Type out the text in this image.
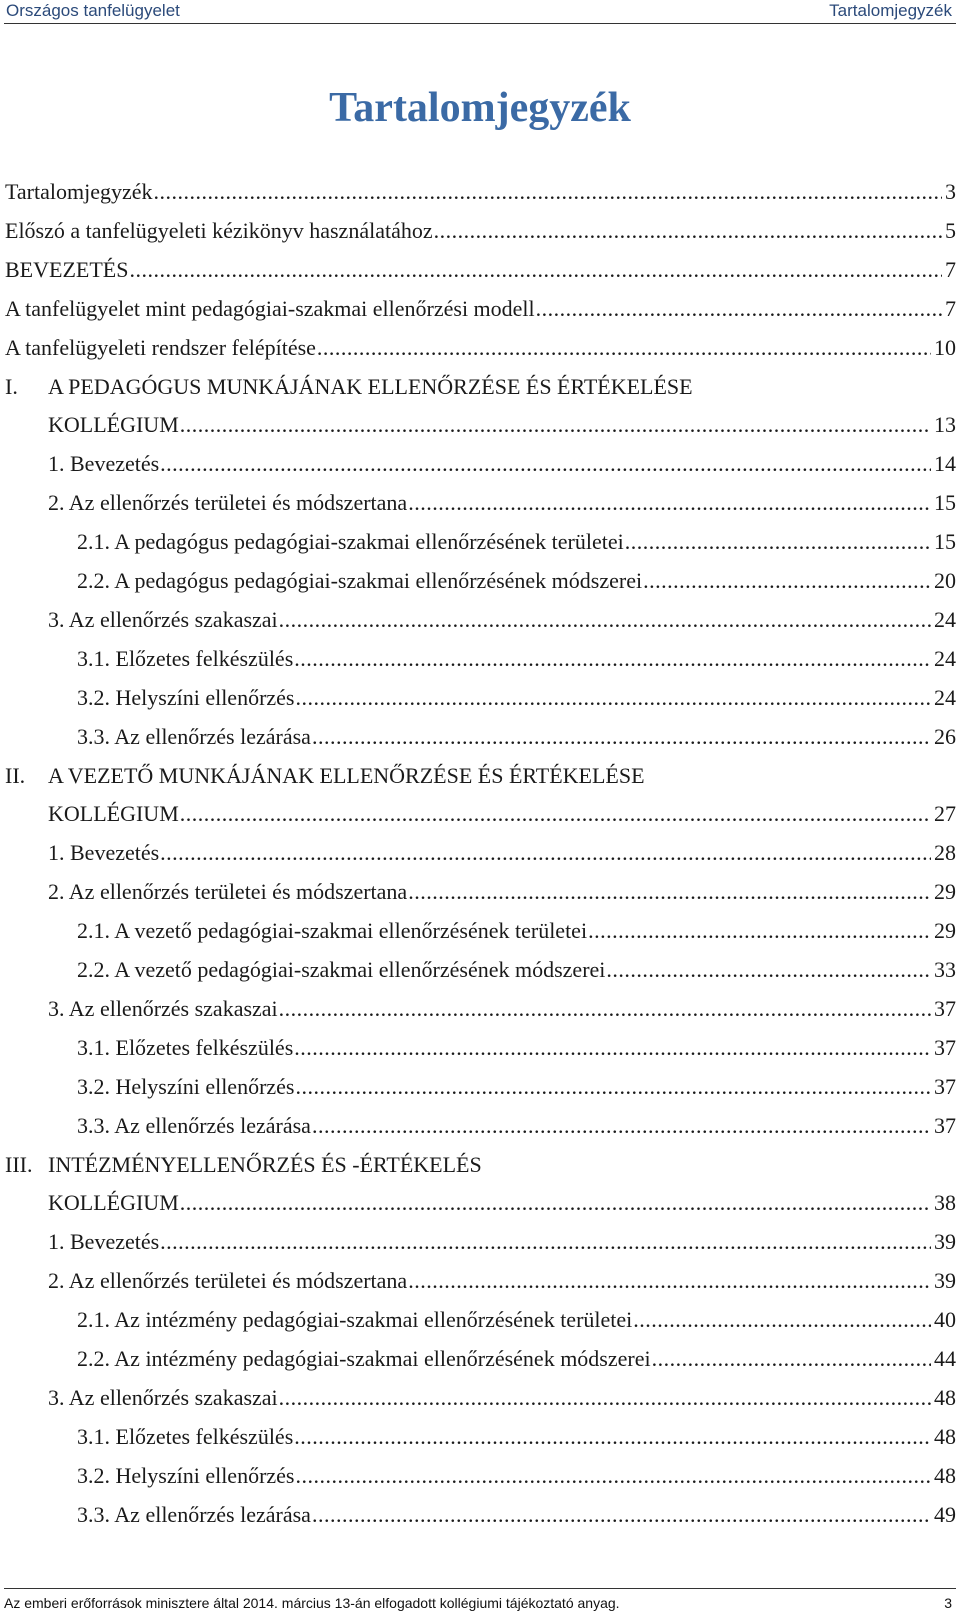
Országos tanfelügyelet	Tartalomjegyzék
Tartalomjegyzék
Tartalomjegyzék .....	3
Előszó a tanfelügyeleti kézikönyv használatához .....	5
BEVEZETÉS .....	7
A tanfelügyelet mint pedagógiai-szakmai ellenőrzési modell .....	7
A tanfelügyeleti rendszer felépítése .....	10
I. A PEDAGÓGUS MUNKÁJÁNAK ELLENŐRZÉSE ÉS ÉRTÉKELÉSE
KOLLÉGIUM .....	13
1. Bevezetés .....	14
2. Az ellenőrzés területei és módszertana .....	15
2.1. A pedagógus pedagógiai-szakmai ellenőrzésének területei .....	15
2.2. A pedagógus pedagógiai-szakmai ellenőrzésének módszerei .....	20
3. Az ellenőrzés szakaszai .....	24
3.1. Előzetes felkészülés .....	24
3.2. Helyszíni ellenőrzés .....	24
3.3. Az ellenőrzés lezárása .....	26
II. A VEZETŐ MUNKÁJÁNAK ELLENŐRZÉSE ÉS ÉRTÉKELÉSE
KOLLÉGIUM .....	27
1. Bevezetés .....	28
2. Az ellenőrzés területei és módszertana .....	29
2.1. A vezető pedagógiai-szakmai ellenőrzésének területei .....	29
2.2. A vezető pedagógiai-szakmai ellenőrzésének módszerei .....	33
3. Az ellenőrzés szakaszai .....	37
3.1. Előzetes felkészülés .....	37
3.2. Helyszíni ellenőrzés .....	37
3.3. Az ellenőrzés lezárása .....	37
III. INTÉZMÉNYELLENŐRZÉS ÉS -ÉRTÉKELÉS
KOLLÉGIUM .....	38
1. Bevezetés .....	39
2. Az ellenőrzés területei és módszertana .....	39
2.1. Az intézmény pedagógiai-szakmai ellenőrzésének területei .....	40
2.2. Az intézmény pedagógiai-szakmai ellenőrzésének módszerei .....	44
3. Az ellenőrzés szakaszai .....	48
3.1. Előzetes felkészülés .....	48
3.2. Helyszíni ellenőrzés .....	48
3.3. Az ellenőrzés lezárása .....	49
Az emberi erőforrások minisztere által 2014. március 13-án elfogadott kollégiumi tájékoztató anyag.	3
